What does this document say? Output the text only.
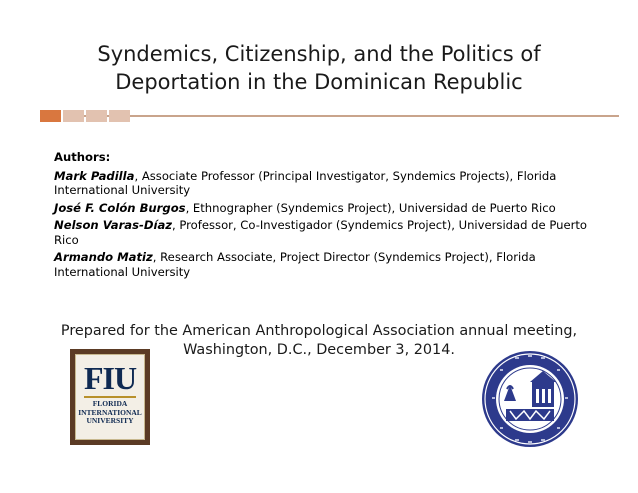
Syndemics, Citizenship, and the Politics of
Deportation in the Dominican Republic
Authors:
Mark Padilla, Associate Professor (Principal Investigator, Syndemics Projects), Florida International University
José F. Colón Burgos, Ethnographer (Syndemics Project), Universidad de Puerto Rico
Nelson Varas-Díaz, Professor, Co-Investigador (Syndemics Project), Universidad de Puerto Rico
Armando Matiz, Research Associate, Project Director (Syndemics Project), Florida International University
Prepared for the American Anthropological Association annual meeting,
Washington, D.C., December 3, 2014.
FIU
FLORIDA
INTERNATIONAL
UNIVERSITY
